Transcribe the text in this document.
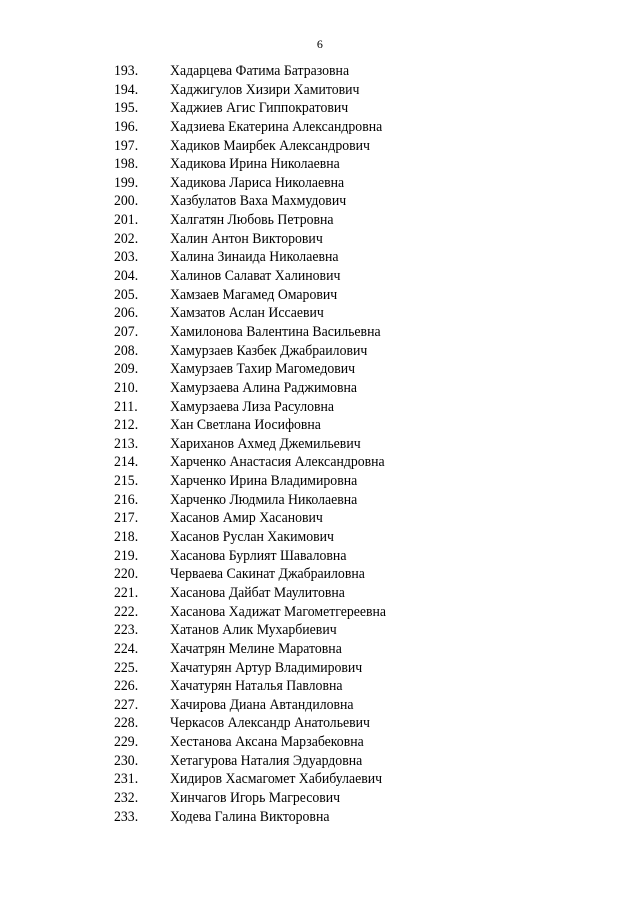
6
193.	Хадарцева Фатима Батразовна
194.	Хаджигулов Хизири Хамитович
195.	Хаджиев Агис Гиппократович
196.	Хадзиева Екатерина Александровна
197.	Хадиков Маирбек Александрович
198.	Хадикова Ирина Николаевна
199.	Хадикова Лариса Николаевна
200.	Хазбулатов Ваха Махмудович
201.	Халгатян Любовь Петровна
202.	Халин Антон Викторович
203.	Халина Зинаида Николаевна
204.	Халинов Салават Халинович
205.	Хамзаев Магамед Омарович
206.	Хамзатов Аслан Иссаевич
207.	Хамилонова Валентина Васильевна
208.	Хамурзаев Казбек Джабраилович
209.	Хамурзаев Тахир Магомедович
210.	Хамурзаева Алина Раджимовна
211.	Хамурзаева Лиза Расуловна
212.	Хан Светлана Иосифовна
213.	Хариханов Ахмед Джемильевич
214.	Харченко Анастасия Александровна
215.	Харченко Ирина Владимировна
216.	Харченко Людмила Николаевна
217.	Хасанов Амир Хасанович
218.	Хасанов Руслан Хакимович
219.	Хасанова Бурлият Шаваловна
220.	Черваева Сакинат Джабраиловна
221.	Хасанова Дайбат Маулитовна
222.	Хасанова Хадижат Магометгереевна
223.	Хатанов Алик Мухарбиевич
224.	Хачатрян Мелине Маратовна
225.	Хачатурян Артур Владимирович
226.	Хачатурян Наталья Павловна
227.	Хачирова Диана Автандиловна
228.	Черкасов Александр Анатольевич
229.	Хестанова Аксана Марзабековна
230.	Хетагурова Наталия Эдуардовна
231.	Хидиров Хасмагомет Хабибулаевич
232.	Хинчагов Игорь Магресович
233.	Ходева Галина Викторовна
